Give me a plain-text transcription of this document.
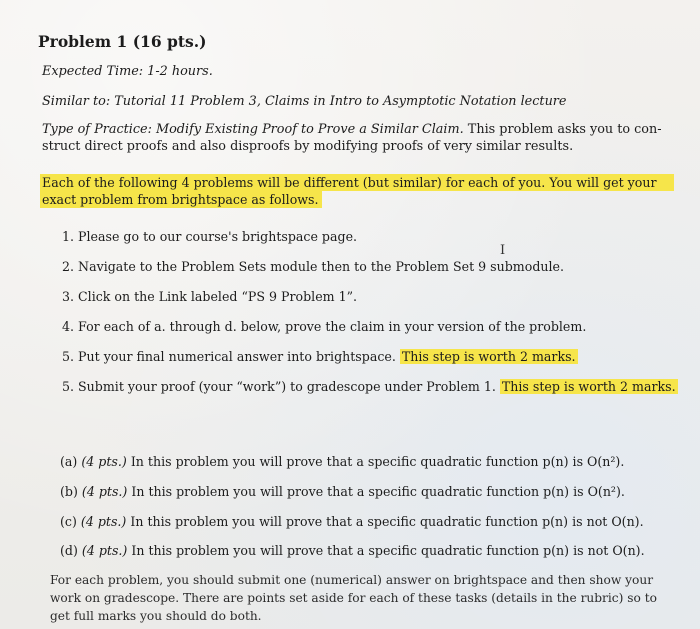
Problem 1 (16 pts.)
Expected Time: 1-2 hours.
Similar to: Tutorial 11 Problem 3, Claims in Intro to Asymptotic Notation lecture
Type of Practice: Modify Existing Proof to Prove a Similar Claim. This problem asks you to con-
struct direct proofs and also disproofs by modifying proofs of very similar results.
Each of the following 4 problems will be different (but similar) for each of you. You will get your
exact problem from brightspace as follows.
1. Please go to our course's brightspace page.
2. Navigate to the Problem Sets module then to the Problem Set 9 submodule.
3. Click on the Link labeled “PS 9 Problem 1”.
4. For each of a. through d. below, prove the claim in your version of the problem.
5. Put your final numerical answer into brightspace. This step is worth 2 marks.
5. Submit your proof (your “work”) to gradescope under Problem 1. This step is worth 2 marks.
I
(a) (4 pts.) In this problem you will prove that a specific quadratic function p(n) is O(n²).
(b) (4 pts.) In this problem you will prove that a specific quadratic function p(n) is O(n²).
(c) (4 pts.) In this problem you will prove that a specific quadratic function p(n) is not O(n).
(d) (4 pts.) In this problem you will prove that a specific quadratic function p(n) is not O(n).
For each problem, you should submit one (numerical) answer on brightspace and then show your
work on gradescope. There are points set aside for each of these tasks (details in the rubric) so to
get full marks you should do both.
